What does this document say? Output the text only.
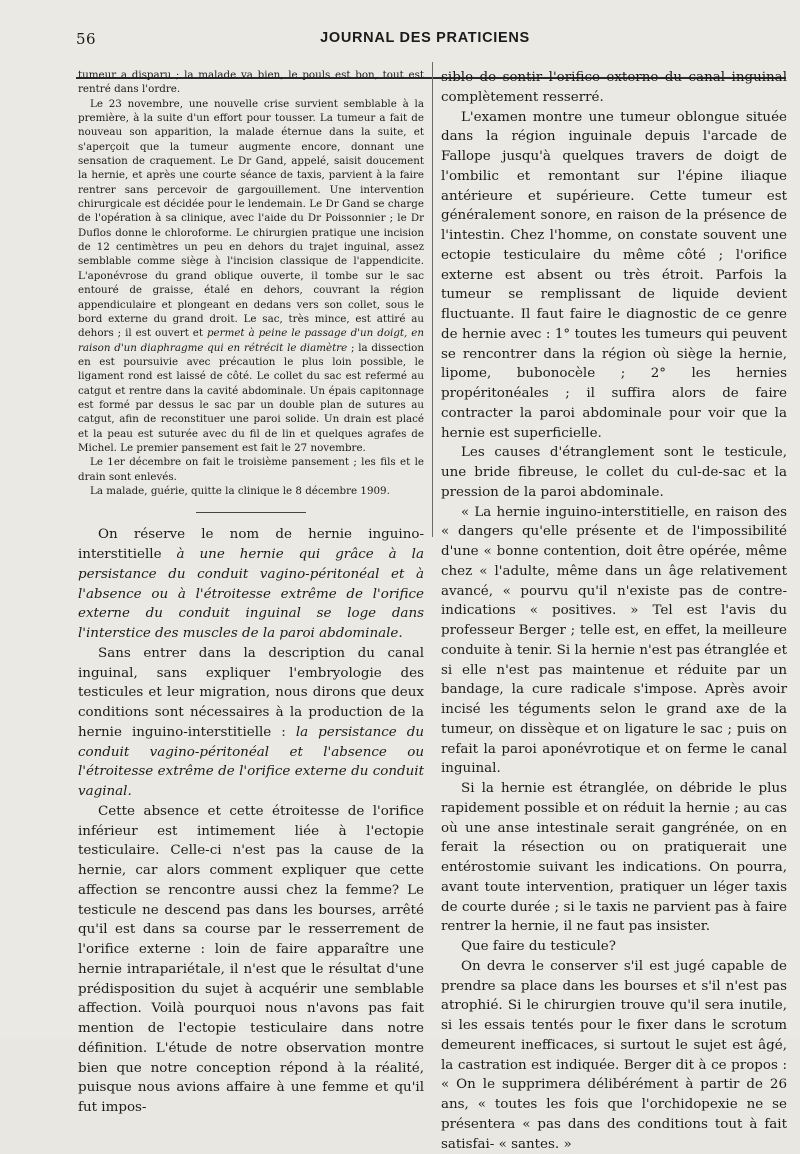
56	JOURNAL DES PRATICIENS

tumeur a disparu ; la malade va bien, le pouls est bon, tout est rentré dans l'ordre.

Le 23 novembre, une nouvelle crise survient semblable à la première, à la suite d'un effort pour tousser. La tumeur a fait de nouveau son apparition, la malade éternue dans la suite, et s'aperçoit que la tumeur augmente encore, donnant une sensation de craquement. Le Dr Gand, appelé, saisit doucement la hernie, et après une courte séance de taxis, parvient à la faire rentrer sans percevoir de gargouillement. Une intervention chirurgicale est décidée pour le lendemain. Le Dr Gand se charge de l'opération à sa clinique, avec l'aide du Dr Poissonnier ; le Dr Duflos donne le chloroforme. Le chirurgien pratique une incision de 12 centimètres un peu en dehors du trajet inguinal, assez semblable comme siège à l'incision classique de l'appendicite. L'aponévrose du grand oblique ouverte, il tombe sur le sac entouré de graisse, étalé en dehors, couvrant la région appendiculaire et plongeant en dedans vers son collet, sous le bord externe du grand droit. Le sac, très mince, est attiré au dehors ; il est ouvert et permet à peine le passage d'un doigt, en raison d'un diaphragme qui en rétrécit le diamètre ; la dissection en est poursuivie avec précaution le plus loin possible, le ligament rond est laissé de côté. Le collet du sac est refermé au catgut et rentre dans la cavité abdominale. Un épais capitonnage est formé par dessus le sac par un double plan de sutures au catgut, afin de reconstituer une paroi solide. Un drain est placé et la peau est suturée avec du fil de lin et quelques agrafes de Michel. Le premier pansement est fait le 27 novembre.

Le 1er décembre on fait le troisième pansement ; les fils et le drain sont enlevés.

La malade, guérie, quitte la clinique le 8 décembre 1909.

On réserve le nom de hernie inguino-interstitielle à une hernie qui grâce à la persistance du conduit vagino-péritonéal et à l'absence ou à l'étroitesse extrême de l'orifice externe du conduit inguinal se loge dans l'interstice des muscles de la paroi abdominale.

Sans entrer dans la description du canal inguinal, sans expliquer l'embryologie des testicules et leur migration, nous dirons que deux conditions sont nécessaires à la production de la hernie inguino-interstitielle : la persistance du conduit vagino-péritonéal et l'absence ou l'étroitesse extrême de l'orifice externe du conduit vaginal.

Cette absence et cette étroitesse de l'orifice inférieur est intimement liée à l'ectopie testiculaire. Celle-ci n'est pas la cause de la hernie, car alors comment expliquer que cette affection se rencontre aussi chez la femme? Le testicule ne descend pas dans les bourses, arrêté qu'il est dans sa course par le resserrement de l'orifice externe : loin de faire apparaître une hernie intrapariétale, il n'est que le résultat d'une prédisposition du sujet à acquérir une semblable affection. Voilà pourquoi nous n'avons pas fait mention de l'ectopie testiculaire dans notre définition. L'étude de notre observation montre bien que notre conception répond à la réalité, puisque nous avions affaire à une femme et qu'il fut impos-

sible de sentir l'orifice externe du canal inguinal complètement resserré.

L'examen montre une tumeur oblongue située dans la région inguinale depuis l'arcade de Fallope jusqu'à quelques travers de doigt de l'ombilic et remontant sur l'épine iliaque antérieure et supérieure. Cette tumeur est généralement sonore, en raison de la présence de l'intestin. Chez l'homme, on constate souvent une ectopie testiculaire du même côté ; l'orifice externe est absent ou très étroit. Parfois la tumeur se remplissant de liquide devient fluctuante. Il faut faire le diagnostic de ce genre de hernie avec : 1° toutes les tumeurs qui peuvent se rencontrer dans la région où siège la hernie, lipome, bubonocèle ; 2° les hernies propéritonéales ; il suffira alors de faire contracter la paroi abdominale pour voir que la hernie est superficielle.

Les causes d'étranglement sont le testicule, une bride fibreuse, le collet du cul-de-sac et la pression de la paroi abdominale.

« La hernie inguino-interstitielle, en raison des « dangers qu'elle présente et de l'impossibilité d'une « bonne contention, doit être opérée, même chez « l'adulte, même dans un âge relativement avancé, « pourvu qu'il n'existe pas de contre-indications « positives. » Tel est l'avis du professeur Berger ; telle est, en effet, la meilleure conduite à tenir. Si la hernie n'est pas étranglée et si elle n'est pas maintenue et réduite par un bandage, la cure radicale s'impose. Après avoir incisé les téguments selon le grand axe de la tumeur, on dissèque et on ligature le sac ; puis on refait la paroi aponévrotique et on ferme le canal inguinal.

Si la hernie est étranglée, on débride le plus rapidement possible et on réduit la hernie ; au cas où une anse intestinale serait gangrénée, on en ferait la résection ou on pratiquerait une entérostomie suivant les indications. On pourra, avant toute intervention, pratiquer un léger taxis de courte durée ; si le taxis ne parvient pas à faire rentrer la hernie, il ne faut pas insister.

Que faire du testicule?

On devra le conserver s'il est jugé capable de prendre sa place dans les bourses et s'il n'est pas atrophié. Si le chirurgien trouve qu'il sera inutile, si les essais tentés pour le fixer dans le scrotum demeurent inefficaces, si surtout le sujet est âgé, la castration est indiquée. Berger dit à ce propos : « On le supprimera délibérément à partir de 26 ans, « toutes les fois que l'orchidopexie ne se présentera « pas dans des conditions tout à fait satisfai- « santes. »
